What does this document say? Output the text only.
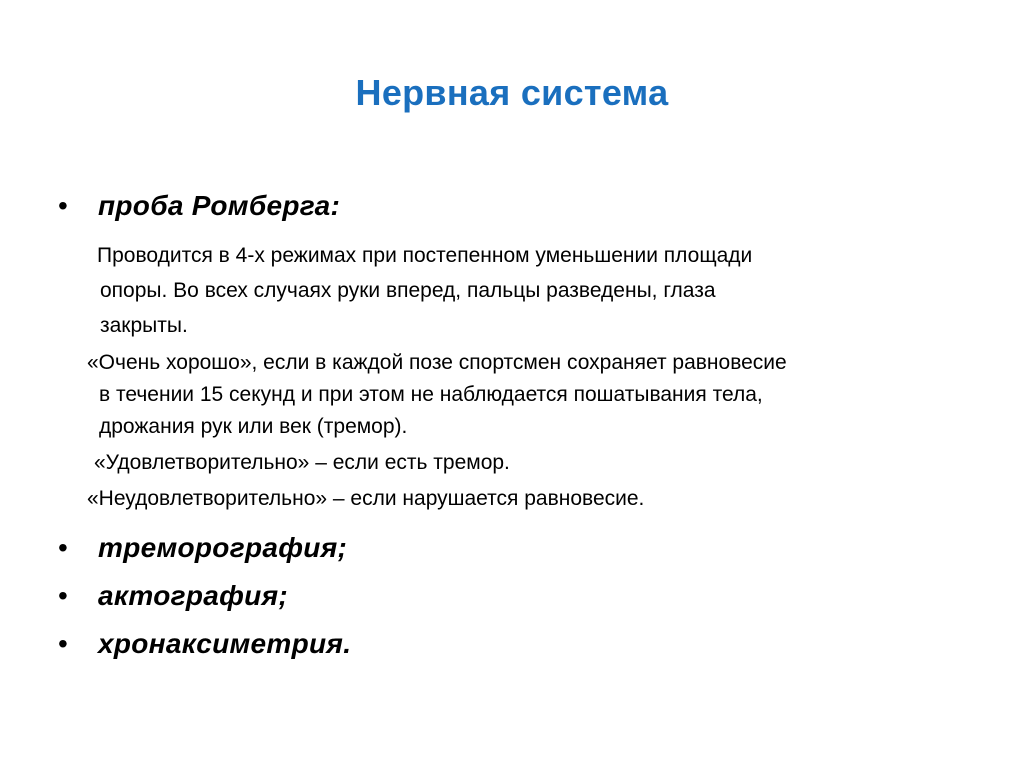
Нервная система
•	проба Ромберга:
Проводится в 4-х режимах при постепенном уменьшении площади
опоры. Во всех случаях руки вперед, пальцы разведены, глаза
закрыты.
«Очень хорошо», если в каждой позе спортсмен сохраняет равновесие
в течении 15 секунд и при этом не наблюдается пошатывания тела,
дрожания рук или век (тремор).
«Удовлетворительно» – если есть тремор.
«Неудовлетворительно» – если нарушается равновесие.
•	треморография;
•	актография;
•	хронаксиметрия.
